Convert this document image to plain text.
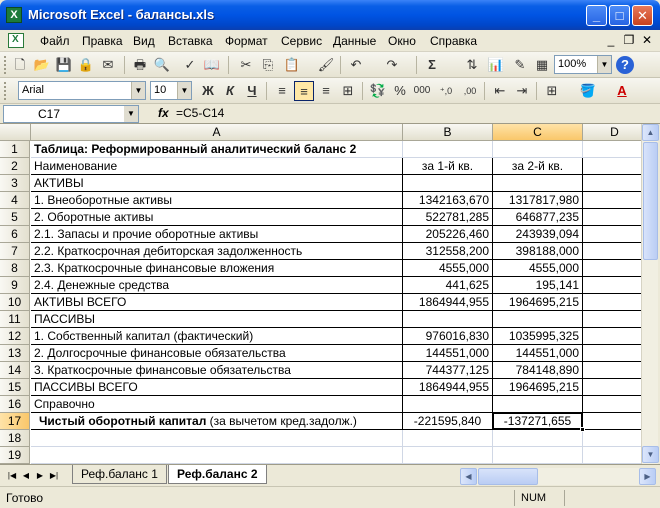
X Microsoft Excel - балансы.xls	_	□	✕
X
Файл Правка Вид Вставка Формат Сервис Данные Окно Справка	_ ❐ ✕
🗋 📂 💾 🔒 ✉	🖶 🔍	✓ 📖	✂ ⎘ 📋 🖌	↶	↷	Σ	⇅ 📊 ✎ ▦ 100%	▼ ?
Arial	▼	10	▼	Ж К	Ч	≡	≡	≡ ⊞	💱 % 000	⁺,0	,00	⇤ ⇥	⊞	🪣	A
C17	▼ fx =C5-C14
A	B	C	D
1	Таблица: Реформированный аналитический баланс 2
2	Наименование	за 1-й кв.	за 2-й кв.
3	АКТИВЫ
4	1. Внеоборотные активы	1342163,670	1317817,980
5	2. Оборотные активы	522781,285	646877,235
6	2.1. Запасы и прочие оборотные активы	205226,460	243939,094
7	2.2. Краткосрочная дебиторская задолженность	312558,200	398188,000
8	2.3. Краткосрочные финансовые вложения	4555,000	4555,000
9	2.4. Денежные средства	441,625	195,141
10	АКТИВЫ ВСЕГО	1864944,955	1964695,215
11	ПАССИВЫ
12	1. Собственный капитал (фактический)	976016,830	1035995,325
13	2. Долгосрочные финансовые обязательства	144551,000	144551,000
14	3. Краткосрочные финансовые обязательства	744377,125	784148,890
15	ПАССИВЫ ВСЕГО	1864944,955	1964695,215
16	Справочно
17	Чистый оборотный капитал (за вычетом кред.задолж.)	-221595,840	-137271,655
18
19
▲
▼
|◀ ◀ ▶ ▶|	Реф.баланс 1	Реф.баланс 2	◀	▶
Готово	NUM
